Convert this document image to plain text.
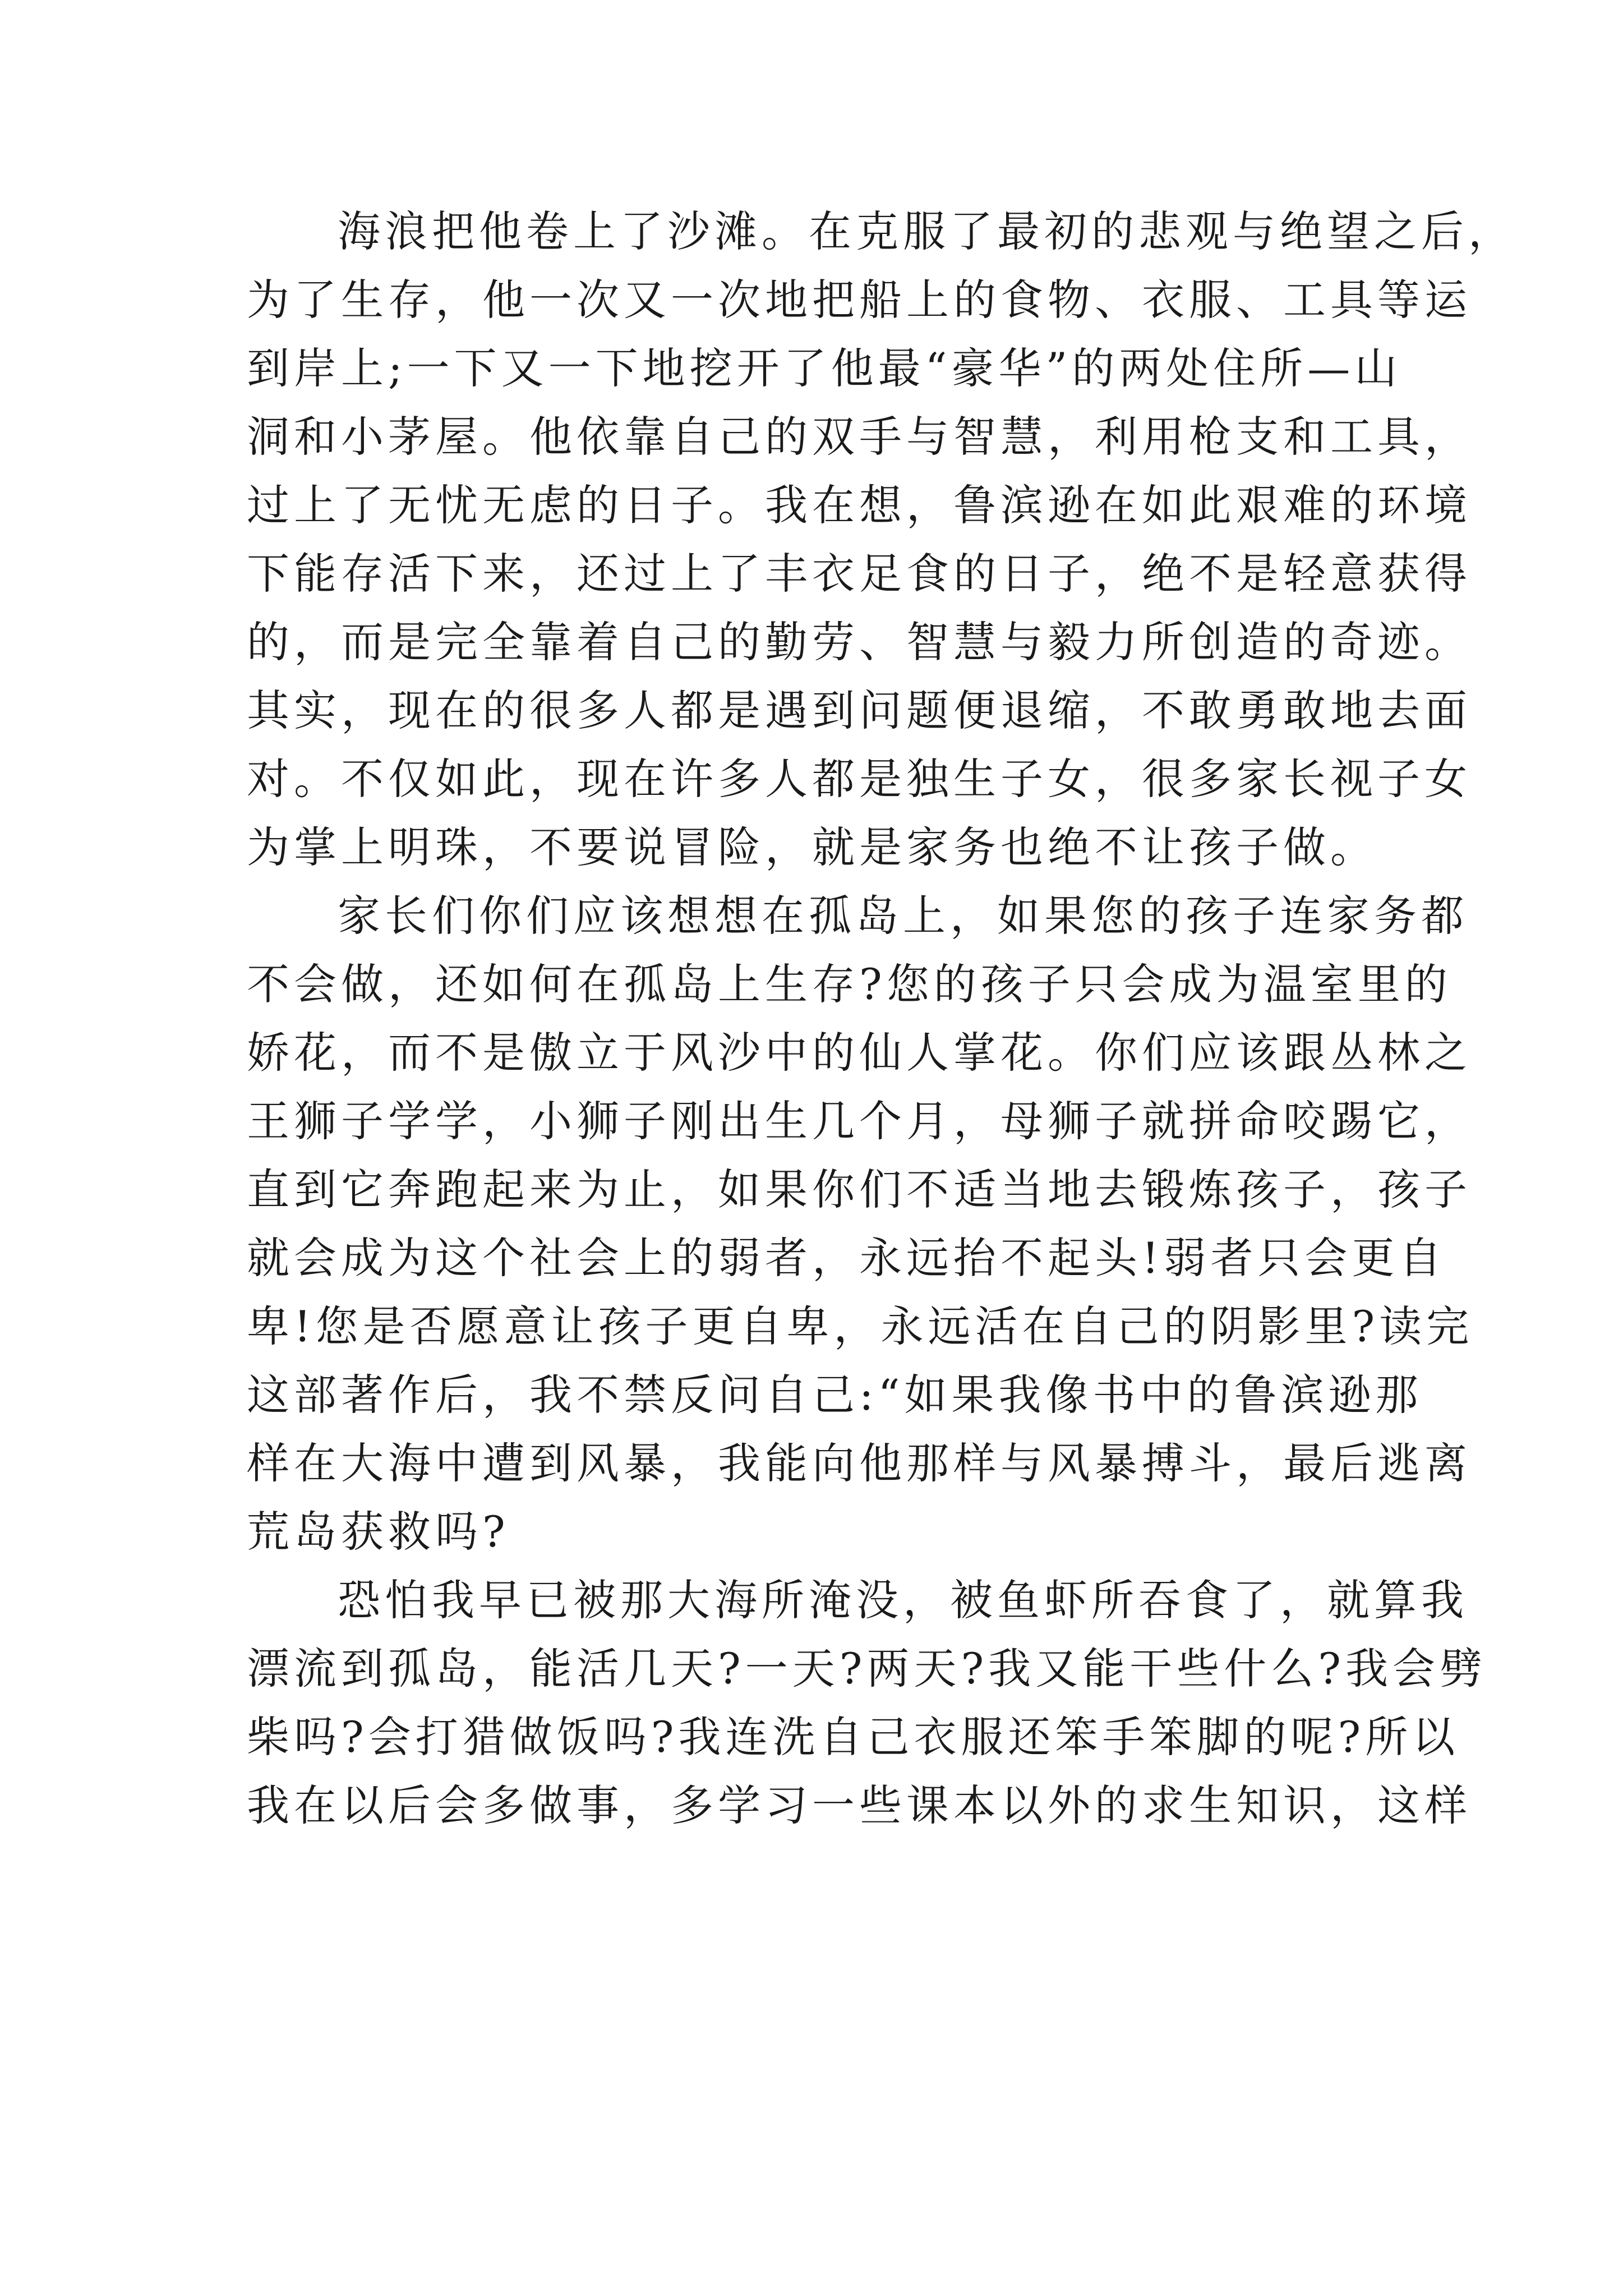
海浪把他卷上了沙滩。在克服了最初的悲观与绝望之后，
为了生存，他一次又一次地把船上的食物、衣服、工具等运
到岸上;一下又一下地挖开了他最“豪华”的两处住所—山
洞和小茅屋。他依靠自己的双手与智慧，利用枪支和工具，
过上了无忧无虑的日子。我在想，鲁滨逊在如此艰难的环境
下能存活下来，还过上了丰衣足食的日子，绝不是轻意获得
的，而是完全靠着自己的勤劳、智慧与毅力所创造的奇迹。
其实，现在的很多人都是遇到问题便退缩，不敢勇敢地去面
对。不仅如此，现在许多人都是独生子女，很多家长视子女
为掌上明珠，不要说冒险，就是家务也绝不让孩子做。
家长们你们应该想想在孤岛上，如果您的孩子连家务都
不会做，还如何在孤岛上生存?您的孩子只会成为温室里的
娇花，而不是傲立于风沙中的仙人掌花。你们应该跟丛林之
王狮子学学，小狮子刚出生几个月，母狮子就拼命咬踢它，
直到它奔跑起来为止，如果你们不适当地去锻炼孩子，孩子
就会成为这个社会上的弱者，永远抬不起头!弱者只会更自
卑!您是否愿意让孩子更自卑，永远活在自己的阴影里?读完
这部著作后，我不禁反问自己:“如果我像书中的鲁滨逊那
样在大海中遭到风暴，我能向他那样与风暴搏斗，最后逃离
荒岛获救吗?
恐怕我早已被那大海所淹没，被鱼虾所吞食了，就算我
漂流到孤岛，能活几天?一天?两天?我又能干些什么?我会劈
柴吗?会打猎做饭吗?我连洗自己衣服还笨手笨脚的呢?所以
我在以后会多做事，多学习一些课本以外的求生知识，这样
